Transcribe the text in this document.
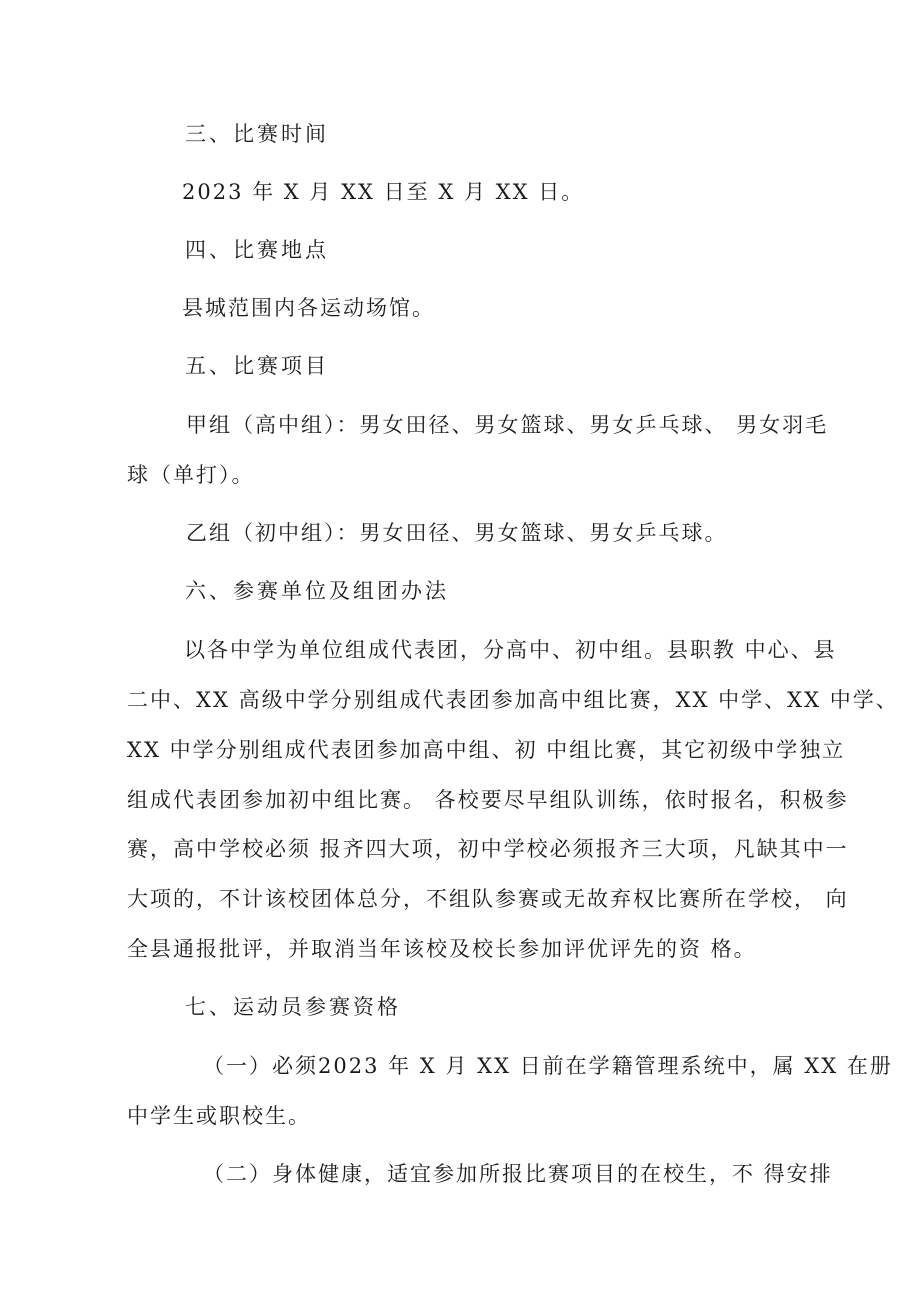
三、比赛时间

2023 年 X 月 XX 日至 X 月 XX 日。

四、比赛地点

县城范围内各运动场馆。

五、比赛项目

甲组（高中组）：男女田径、男女篮球、男女乒乓球、 男女羽毛

球（单打）。

乙组（初中组）：男女田径、男女篮球、男女乒乓球。

六、参赛单位及组团办法

以各中学为单位组成代表团，分高中、初中组。县职教 中心、县

二中、XX 高级中学分别组成代表团参加高中组比赛，XX 中学、XX 中学、

XX 中学分别组成代表团参加高中组、初 中组比赛，其它初级中学独立

组成代表团参加初中组比赛。 各校要尽早组队训练，依时报名，积极参

赛，高中学校必须 报齐四大项，初中学校必须报齐三大项，凡缺其中一

大项的，不计该校团体总分，不组队参赛或无故弃权比赛所在学校， 向

全县通报批评，并取消当年该校及校长参加评优评先的资 格。

七、运动员参赛资格

（一）必须2023 年 X 月 XX 日前在学籍管理系统中，属 XX 在册

中学生或职校生。

（二）身体健康，适宜参加所报比赛项目的在校生，不 得安排
